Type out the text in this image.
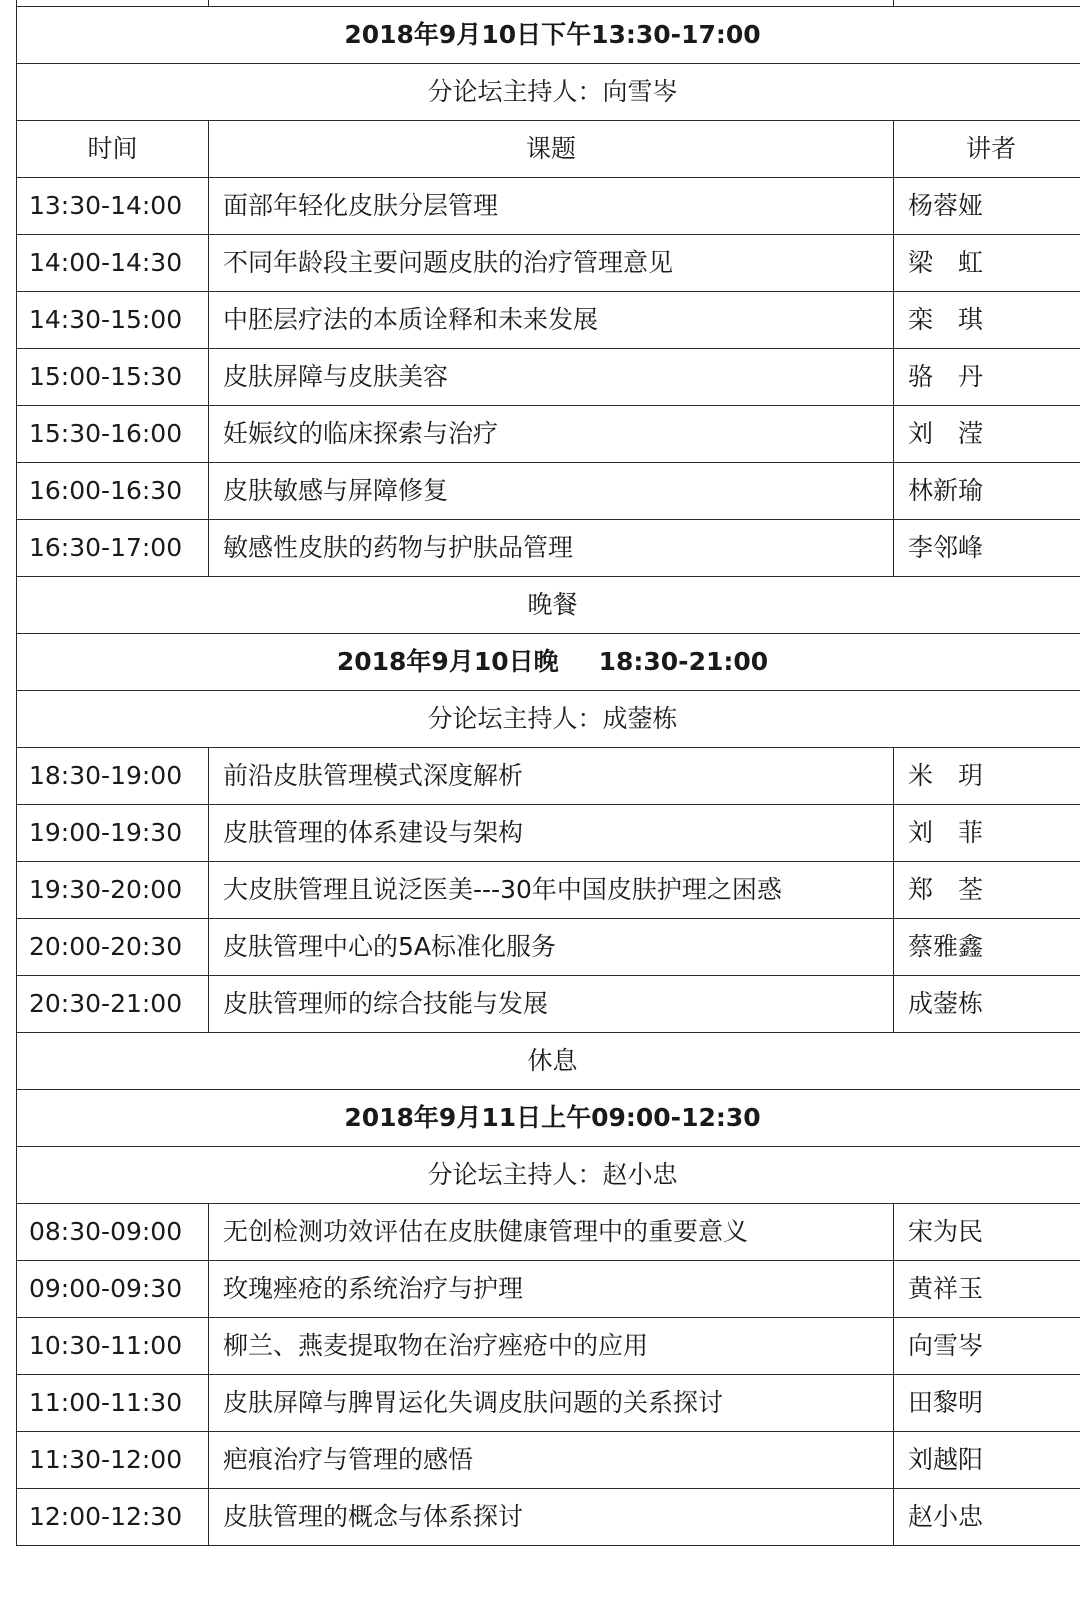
2018年9月10日下午13:30-17:00		
分论坛主持人：向雪岑		
时间	课题	讲者
13:30-14:00	面部年轻化皮肤分层管理	杨蓉娅
14:00-14:30	不同年龄段主要问题皮肤的治疗管理意见	梁　虹
14:30-15:00	中胚层疗法的本质诠释和未来发展	栾　琪
15:00-15:30	皮肤屏障与皮肤美容	骆　丹
15:30-16:00	妊娠纹的临床探索与治疗	刘　滢
16:00-16:30	皮肤敏感与屏障修复	林新瑜
16:30-17:00	敏感性皮肤的药物与护肤品管理	李邻峰
晚餐		
2018年9月10日晚 18:30-21:00		
分论坛主持人：成蓥栋		
18:30-19:00	前沿皮肤管理模式深度解析	米　玥
19:00-19:30	皮肤管理的体系建设与架构	刘　菲
19:30-20:00	大皮肤管理且说泛医美---30年中国皮肤护理之困惑	郑　荃
20:00-20:30	皮肤管理中心的5A标准化服务	蔡雅鑫
20:30-21:00	皮肤管理师的综合技能与发展	成蓥栋
休息		
2018年9月11日上午09:00-12:30		
分论坛主持人：赵小忠		
08:30-09:00	无创检测功效评估在皮肤健康管理中的重要意义	宋为民
09:00-09:30	玫瑰痤疮的系统治疗与护理	黄祥玉
10:30-11:00	柳兰、燕麦提取物在治疗痤疮中的应用	向雪岑
11:00-11:30	皮肤屏障与脾胃运化失调皮肤问题的关系探讨	田黎明
11:30-12:00	疤痕治疗与管理的感悟	刘越阳
12:00-12:30	皮肤管理的概念与体系探讨	赵小忠
